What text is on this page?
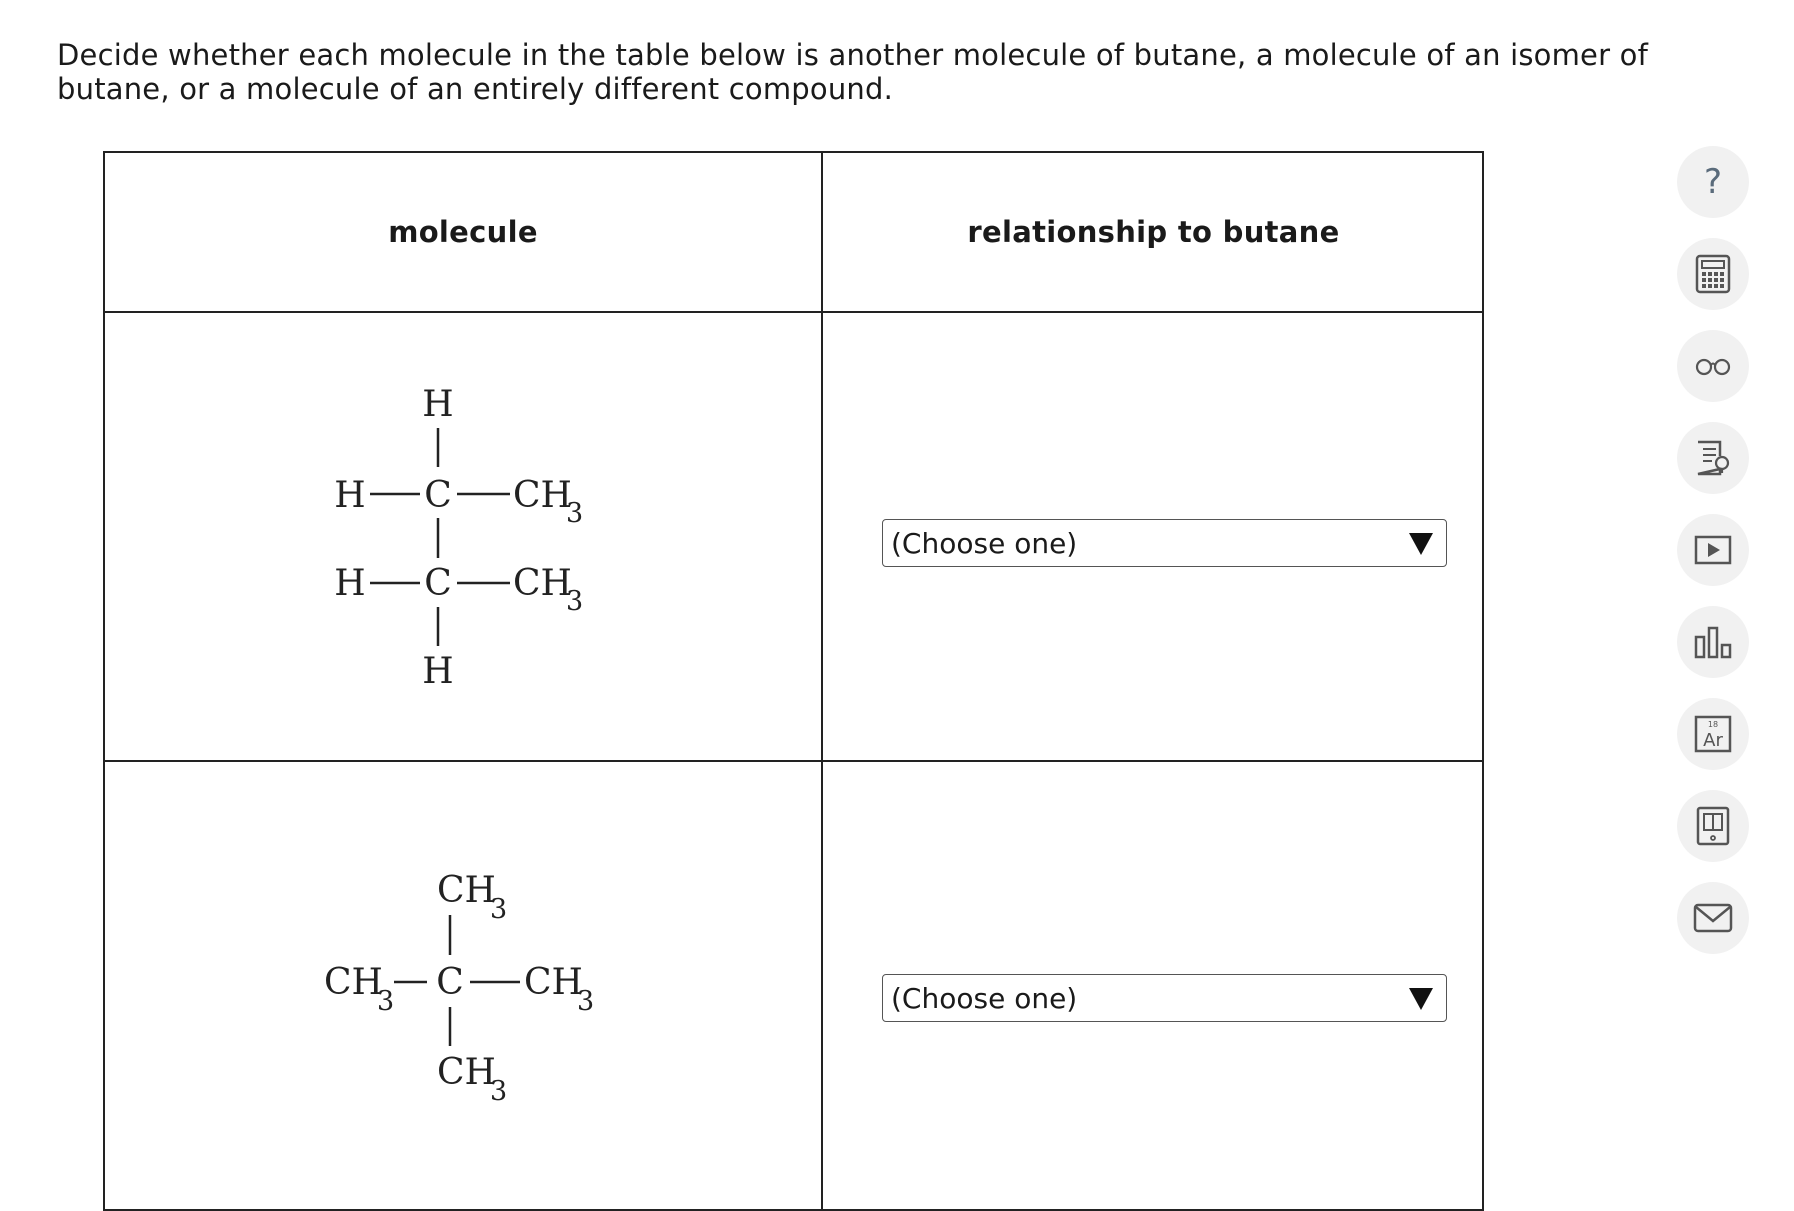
Decide whether each molecule in the table below is another molecule of butane, a molecule of an isomer of butane, or a molecule of an entirely different compound.

molecule	relationship to butane
H
H C CH
3
H C CH
3
H
CH
3
CH
3 C CH
3
CH
3
(Choose one)
(Choose one)
?
18
Ar
